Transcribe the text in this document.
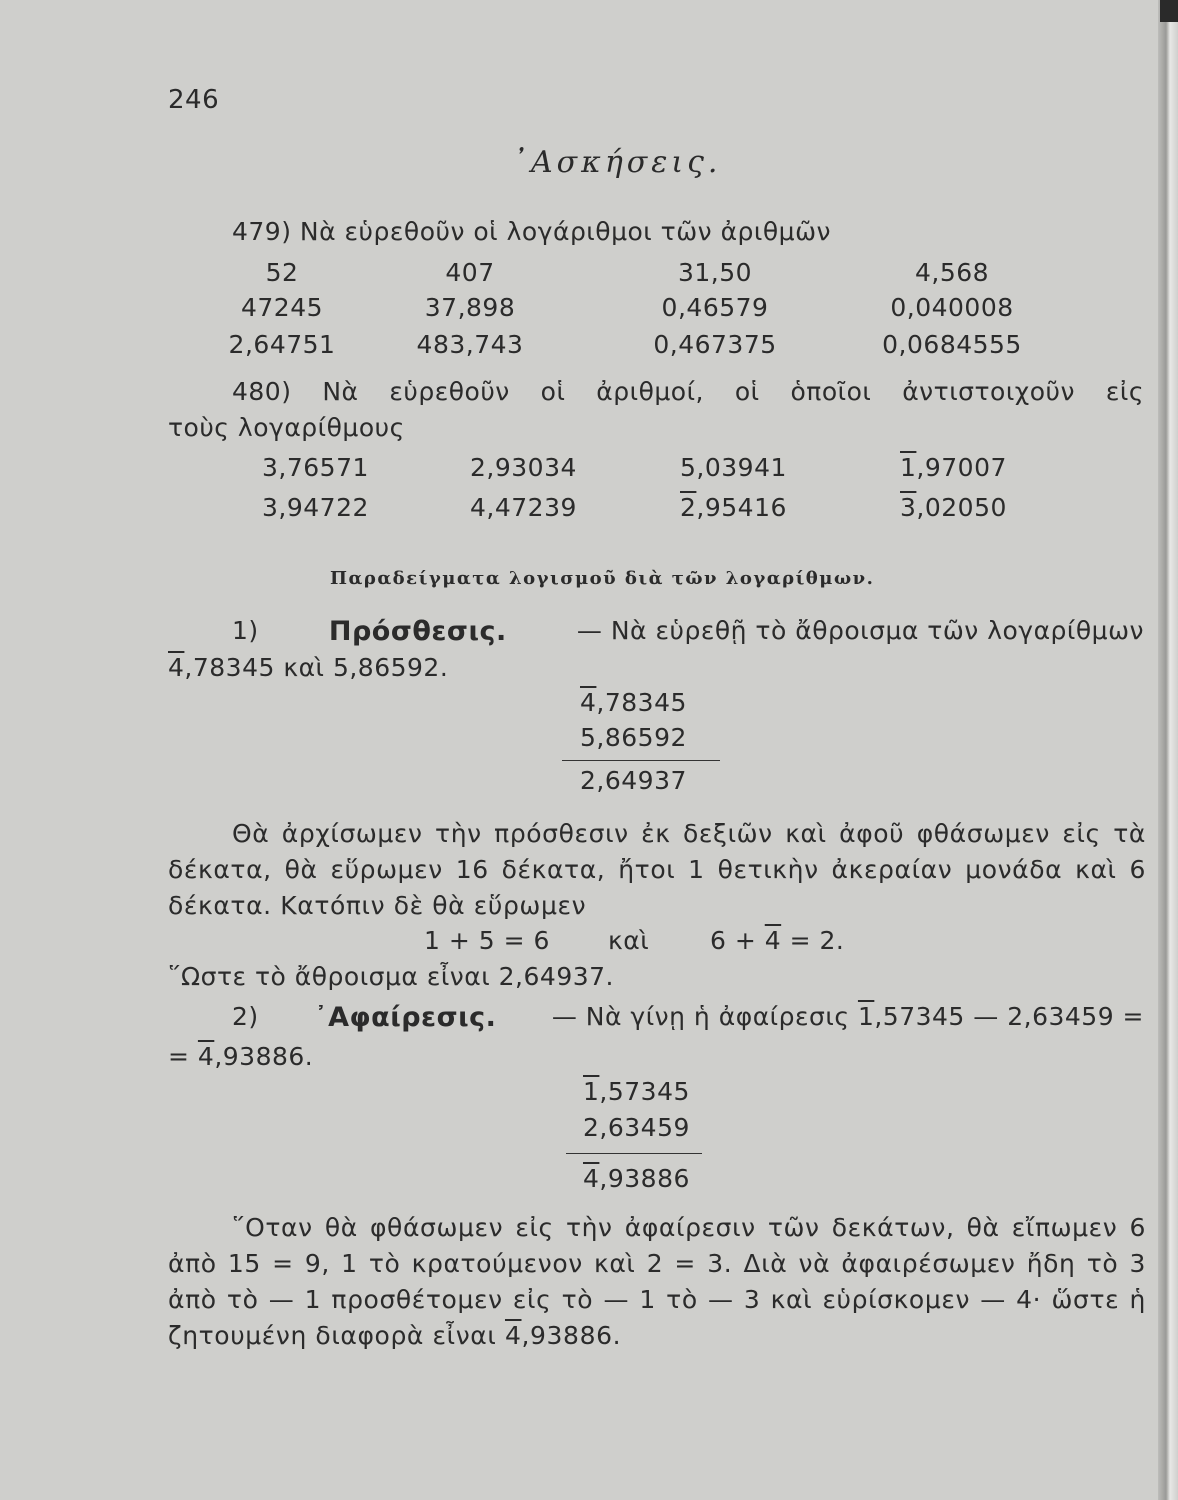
246
᾿Ασκήσεις.
479) Νὰ εὑρεθοῦν οἱ λογάριθμοι τῶν ἀριθμῶν
52	407	31,50	4,568
47245	37,898	0,46579	0,040008
2,64751	483,743	0,467375	0,0684555
480) Νὰ εὑρεθοῦν οἱ ἀριθμοί, οἱ ὁποῖοι ἀντιστοιχοῦν εἰς
τοὺς λογαρίθμους
3,76571	2,93034	5,03941	1,97007
3,94722	4,47239	2,95416	3,02050
Παραδείγματα λογισμοῦ διὰ τῶν λογαρίθμων.
1)	Πρόσθεσις.	— Νὰ εὑρεθῇ τὸ ἄθροισμα τῶν λογαρίθμων
4,78345 καὶ 5,86592.
4,78345
5,86592
2,64937
Θὰ ἀρχίσωμεν τὴν πρόσθεσιν ἐκ δεξιῶν καὶ ἀφοῦ φθάσωμεν εἰς τὰ δέκατα, θὰ εὕρωμεν 16 δέκατα, ἤτοι 1 θετικὴν ἀκεραίαν μονάδα καὶ 6 δέκατα. Κατόπιν δὲ θὰ εὕρωμεν
1 + 5 = 6 καὶ 6 + 4 = 2.
῞Ωστε τὸ ἄθροισμα εἶναι 2,64937.
2) ᾿Αφαίρεσις. — Νὰ γίνῃ ἡ ἀφαίρεσις 1,57345 — 2,63459 =
= 4,93886.
1,57345
2,63459
4,93886
῞Οταν θὰ φθάσωμεν εἰς τὴν ἀφαίρεσιν τῶν δεκάτων, θὰ εἴπωμεν 6 ἀπὸ 15 = 9, 1 τὸ κρατούμενον καὶ 2 = 3. Διὰ νὰ ἀφαιρέσωμεν ἤδη τὸ 3 ἀπὸ τὸ — 1 προσθέτομεν εἰς τὸ — 1 τὸ — 3 καὶ εὑρίσκομεν — 4· ὥστε ἡ ζητουμένη διαφορὰ εἶναι 4,93886.
